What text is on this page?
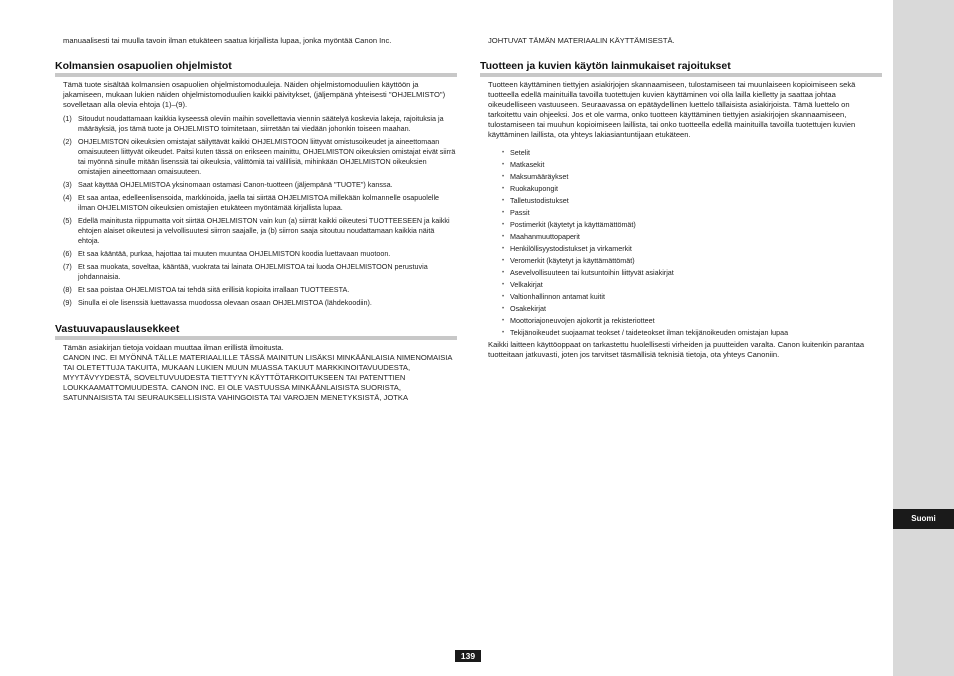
manuaalisesti tai muulla tavoin ilman etukäteen saatua kirjallista lupaa, jonka myöntää Canon Inc.

Kolmansien osapuolien ohjelmistot

Tämä tuote sisältää kolmansien osapuolien ohjelmistomoduuleja. Näiden ohjelmistomoduulien käyttöön ja jakamiseen, mukaan lukien näiden ohjelmistomoduulien kaikki päivitykset, (jäljempänä yhteisesti "OHJELMISTO") sovelletaan alla olevia ehtoja (1)–(9).

(1) Sitoudut noudattamaan kaikkia kyseessä oleviin maihin sovellettavia viennin säätelyä koskevia lakeja, rajoituksia ja määräyksiä, jos tämä tuote ja OHJELMISTO toimitetaan, siirretään tai viedään johonkin toiseen maahan.
(2) OHJELMISTON oikeuksien omistajat säilyttävät kaikki OHJELMISTOON liittyvät omistusoikeudet ja aineettomaan omaisuuteen liittyvät oikeudet. Paitsi kuten tässä on erikseen mainittu, OHJELMISTON oikeuksien omistajat eivät siirrä tai myönnä sinulle mitään lisenssiä tai oikeuksia, välittömiä tai välillisiä, mihinkään OHJELMISTON oikeuksien omistajien aineettomaan omaisuuteen.
(3) Saat käyttää OHJELMISTOA yksinomaan ostamasi Canon-tuotteen (jäljempänä "TUOTE") kanssa.
(4) Et saa antaa, edelleenlisensoida, markkinoida, jaella tai siirtää OHJELMISTOA millekään kolmannelle osapuolelle ilman OHJELMISTON oikeuksien omistajien etukäteen myöntämää kirjallista lupaa.
(5) Edellä mainitusta riippumatta voit siirtää OHJELMISTON vain kun (a) siirrät kaikki oikeutesi TUOTTEESEEN ja kaikki ehtojen alaiset oikeutesi ja velvollisuutesi siirron saajalle, ja (b) siirron saaja sitoutuu noudattamaan kaikkia näitä ehtoja.
(6) Et saa kääntää, purkaa, hajottaa tai muuten muuntaa OHJELMISTON koodia luettavaan muotoon.
(7) Et saa muokata, soveltaa, kääntää, vuokrata tai lainata OHJELMISTOA tai luoda OHJELMISTOON perustuvia johdannaisia.
(8) Et saa poistaa OHJELMISTOA tai tehdä siitä erillisiä kopioita irrallaan TUOTTEESTA.
(9) Sinulla ei ole lisenssiä luettavassa muodossa olevaan osaan OHJELMISTOA (lähdekoodiin).
Vastuuvapauslausekkeet

Tämän asiakirjan tietoja voidaan muuttaa ilman erillistä ilmoitusta.

CANON INC. EI MYÖNNÄ TÄLLE MATERIAALILLE TÄSSÄ MAINITUN LISÄKSI MINKÄÄNLAISIA NIMENOMAISIA TAI OLETETTUJA TAKUITA, MUKAAN LUKIEN MUUN MUASSA TAKUUT MARKKINOITAVUUDESTA, MYYTÄVYYDESTÄ, SOVELTUVUUDESTA TIETTYYN KÄYTTÖTARKOITUKSEEN TAI PATENTTIEN LOUKKAAMATTOMUUDESTA. CANON INC. EI OLE VASTUUSSA MINKÄÄNLAISISTA SUORISTA, SATUNNAISISTA TAI SEURAUKSELLISISTA VAHINGOISTA TAI VAROJEN MENETYKSISTÄ, JOTKA

JOHTUVAT TÄMÄN MATERIAALIN KÄYTTÄMISESTÄ.

Tuotteen ja kuvien käytön lainmukaiset rajoitukset

Tuotteen käyttäminen tiettyjen asiakirjojen skannaamiseen, tulostamiseen tai muunlaiseen kopioimiseen sekä tuotteella edellä mainituilla tavoilla tuotettujen kuvien käyttäminen voi olla lailla kielletty ja saattaa johtaa oikeudelliseen vastuuseen. Seuraavassa on epätäydellinen luettelo tällaisista asiakirjoista. Tämä luettelo on tarkoitettu vain ohjeeksi. Jos et ole varma, onko tuotteen käyttäminen tiettyjen asiakirjojen skannaamiseen, tulostamiseen tai muuhun kopioimiseen laillista, tai onko tuotteella edellä mainituilla tavoilla tuotettujen kuvien käyttäminen laillista, ota yhteys lakiasiantuntijaan etukäteen.

• Setelit
• Matkasekit
• Maksumääräykset
• Ruokakupongit
• Talletustodistukset
• Passit
• Postimerkit (käytetyt ja käyttämättömät)
• Maahanmuuttopaperit
• Henkilöllisyystodistukset ja virkamerkit
• Veromerkit (käytetyt ja käyttämättömät)
• Asevelvollisuuteen tai kutsuntoihin liittyvät asiakirjat
• Velkakirjat
• Valtionhallinnon antamat kuitit
• Osakekirjat
• Moottoriajoneuvojen ajokortit ja rekisteriotteet
• Tekijänoikeudet suojaamat teokset / taideteokset ilman tekijänoikeuden omistajan lupaa

Kaikki laitteen käyttöoppaat on tarkastettu huolellisesti virheiden ja puutteiden varalta. Canon kuitenkin parantaa tuotteitaan jatkuvasti, joten jos tarvitset täsmällisiä teknisiä tietoja, ota yhteys Canoniin.

139
Suomi
